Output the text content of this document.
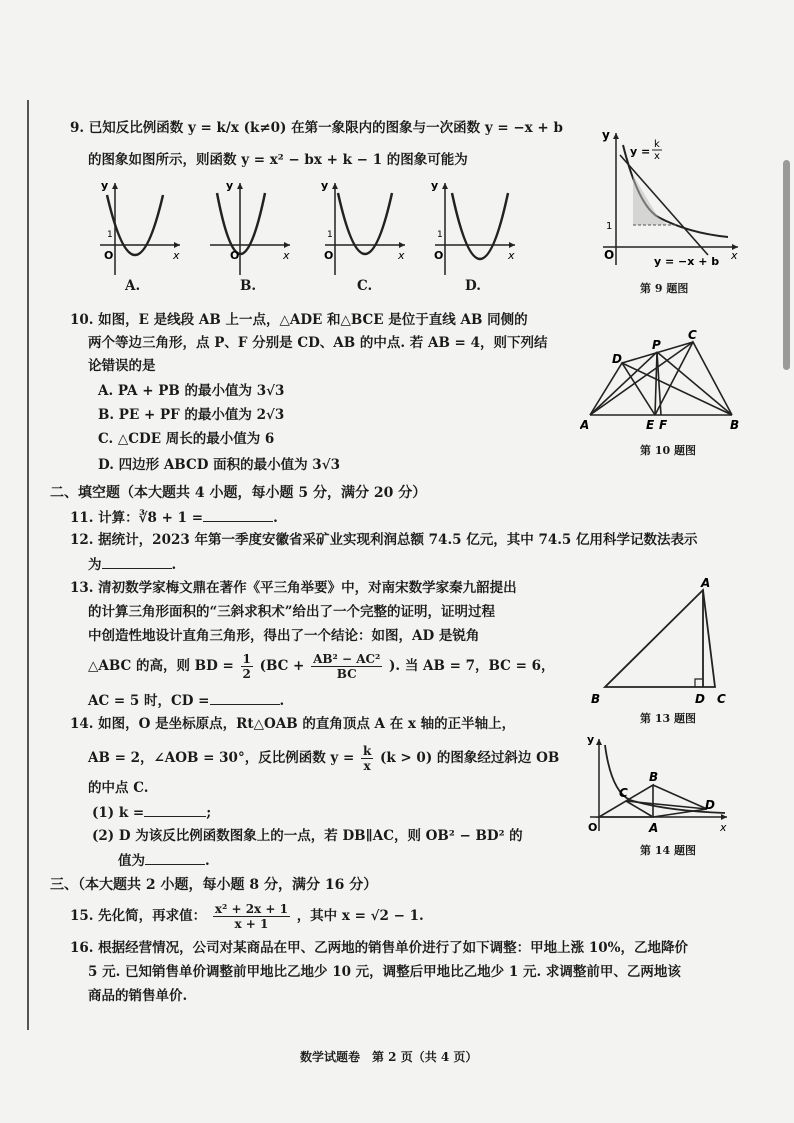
9. 已知反比例函数 y = k/x (k≠0) 在第一象限内的图象与一次函数 y = −x + b
的图象如图所示，则函数 y = x² − bx + k − 1 的图象可能为
O
y
x
1
O
y
x	O
y
x
1
O
y
x
1
A.	B.	C.	D.
y
y =
k
x
1
O	x
y = −x + b
第 9 题图
10. 如图，E 是线段 AB 上一点，△ADE 和△BCE 是位于直线 AB 同侧的
两个等边三角形，点 P、F 分别是 CD、AB 的中点. 若 AB = 4，则下列结
论错误的是
A. PA + PB 的最小值为 3√3
B. PE + PF 的最小值为 2√3
C. △CDE 周长的最小值为 6
D. 四边形 ABCD 面积的最小值为 3√3
A	B
C
D
E F
P
第 10 题图
二、填空题（本大题共 4 小题，每小题 5 分，满分 20 分）
11. 计算：∛8 + 1 =	.
12. 据统计，2023 年第一季度安徽省采矿业实现利润总额 74.5 亿元，其中 74.5 亿用科学记数法表示
为	.
13. 清初数学家梅文鼎在著作《平三角举要》中，对南宋数学家秦九韶提出
的计算三角形面积的“三斜求积术”给出了一个完整的证明，证明过程
中创造性地设计直角三角形，得出了一个结论：如图，AD 是锐角
△ABC 的高，则 BD = $\frac{1}{2} (BC + \frac{\text{AB² − AC²}}{BC}$ ). 当 AB = 7，BC = 6，
AC = 5 时，CD =	.
A
B	D C
第 13 题图
14. 如图，O 是坐标原点，Rt△OAB 的直角顶点 A 在 x 轴的正半轴上，
AB = 2，∠AOB = 30°，反比例函数 $y = \frac{k}{x} (k > 0)$ 的图象经过斜边 OB
的中点 C.
(1) k =	;
(2) D 为该反比例函数图象上的一点，若 DB∥AC，则 OB² − BD² 的
值为	.
y
O	A
B
C
D
x
第 14 题图
三、（本大题共 2 小题，每小题 8 分，满分 16 分）
15. 先化简，再求值： $\frac{\text{x² + 2x + 1}}{x + 1}$ ，其中 x = √2 − 1.
16. 根据经营情况，公司对某商品在甲、乙两地的销售单价进行了如下调整：甲地上涨 10%，乙地降价
5 元. 已知销售单价调整前甲地比乙地少 10 元，调整后甲地比乙地少 1 元. 求调整前甲、乙两地该
商品的销售单价.
数学试题卷　第 2 页（共 4 页）
